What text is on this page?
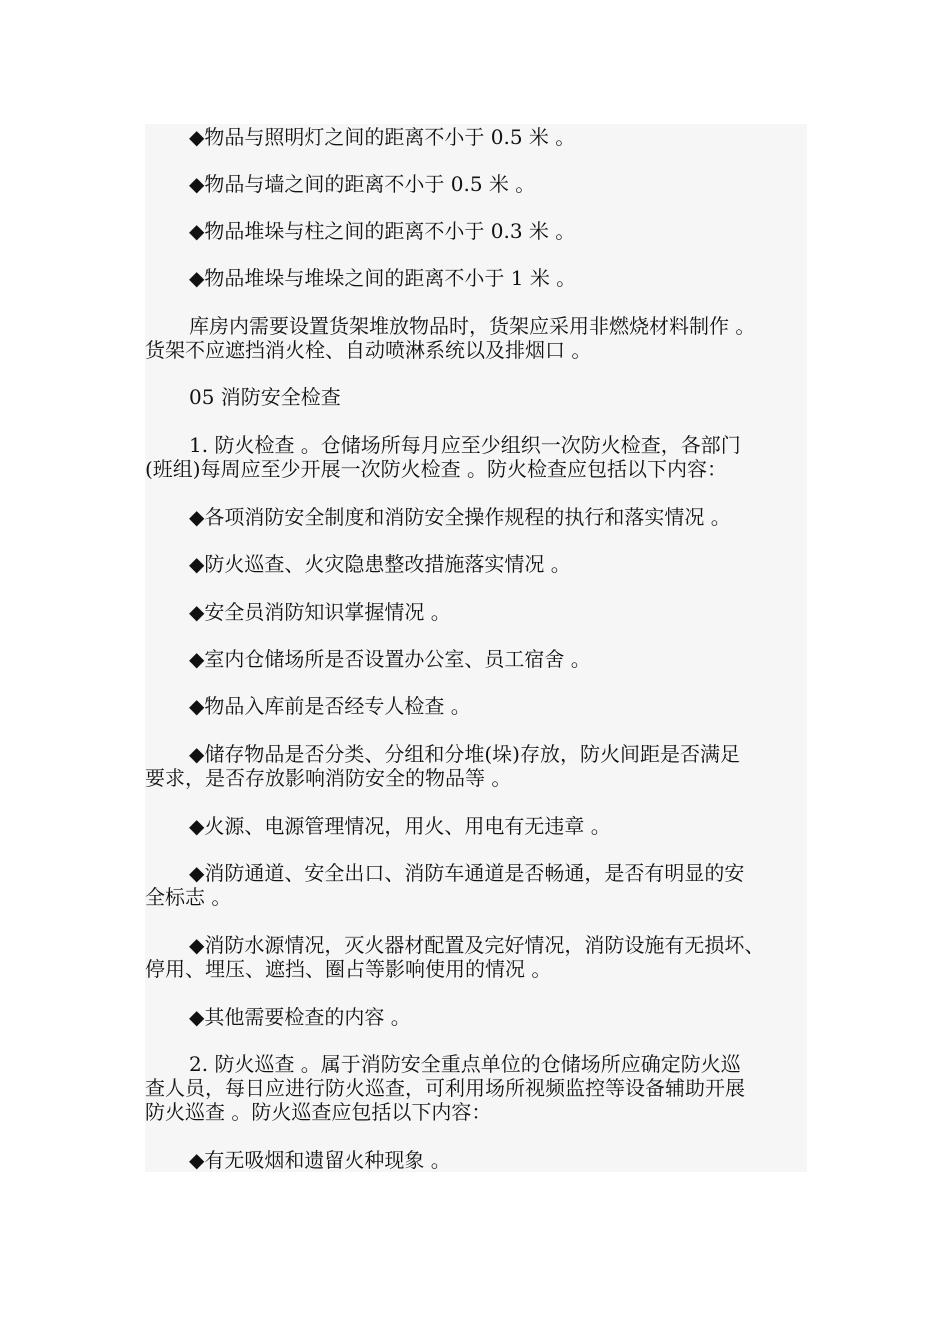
◆物品与照明灯之间的距离不小于 0.5 米 。
◆物品与墙之间的距离不小于 0.5 米 。
◆物品堆垛与柱之间的距离不小于 0.3 米 。
◆物品堆垛与堆垛之间的距离不小于 1 米 。
库房内需要设置货架堆放物品时，货架应采用非燃烧材料制作 。
货架不应遮挡消火栓、自动喷淋系统以及排烟口 。
05 消防安全检查
1. 防火检查 。仓储场所每月应至少组织一次防火检查，各部门
(班组)每周应至少开展一次防火检查 。防火检查应包括以下内容：
◆各项消防安全制度和消防安全操作规程的执行和落实情况 。
◆防火巡查、火灾隐患整改措施落实情况 。
◆安全员消防知识掌握情况 。
◆室内仓储场所是否设置办公室、员工宿舍 。
◆物品入库前是否经专人检查 。
◆储存物品是否分类、分组和分堆(垛)存放，防火间距是否满足
要求，是否存放影响消防安全的物品等 。
◆火源、电源管理情况，用火、用电有无违章 。
◆消防通道、安全出口、消防车通道是否畅通，是否有明显的安
全标志 。
◆消防水源情况，灭火器材配置及完好情况，消防设施有无损坏、
停用、埋压、遮挡、圈占等影响使用的情况 。
◆其他需要检查的内容 。
2. 防火巡查 。属于消防安全重点单位的仓储场所应确定防火巡
查人员，每日应进行防火巡查，可利用场所视频监控等设备辅助开展
防火巡查 。防火巡查应包括以下内容：
◆有无吸烟和遗留火种现象 。
